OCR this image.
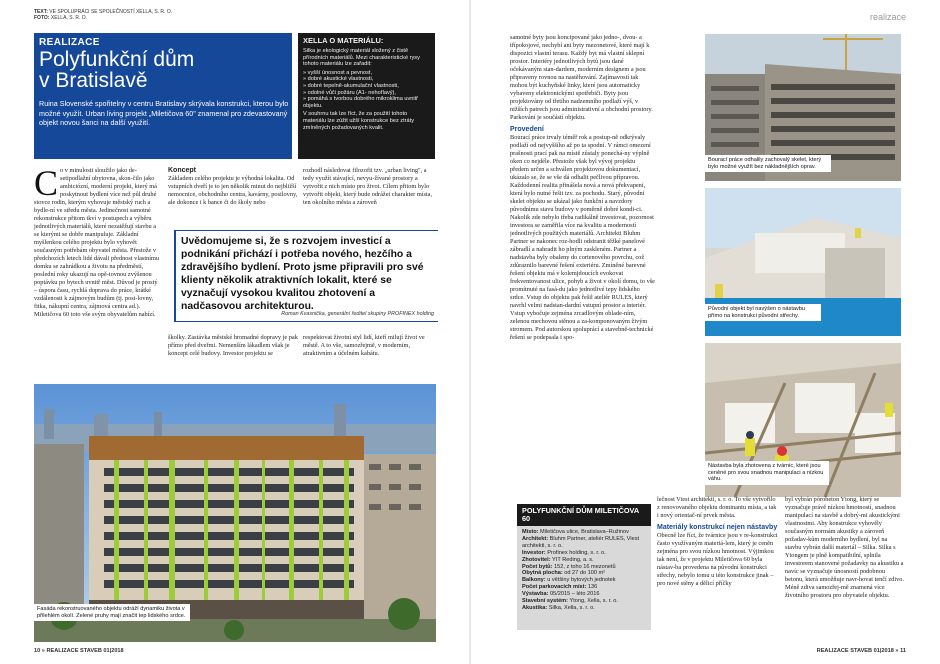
TEXT: VE SPOLUPRÁCI SE SPOLEČNOSTÍ XELLA, S. R. O.
FOTO: XELLA, S. R. O.
REALIZACE
Polyfunkční dům
v Bratislavě
Ruina Slovenské spořitelny v centru Bratislavy skrývala konstrukci, kterou bylo možné využít. Urban living projekt „Miletičova 60" znamenal pro zdevastovaný objekt novou šanci na další využití.
XELLA O MATERIÁLU:
Silka je ekologický materiál složený z čistě přírodních materiálů. Mezi charakteristické rysy tohoto materiálu lze zařadit:
» vyšší únosnost a pevnost,
» dobré akustické vlastnosti,
» dobré tepelně-akumulační vlastnosti,
» odolné vůči požáru (A1- nehořlavý),
» pomáhá s tvorbou dobrého mikroklima uvnitř objektu.
V souhrnu tak lze říct, že za použití tohoto materiálu lze zúžit užší konstrukce bez ztráty zmíněných požadovaných kvalit.
Co v minulosti sloužilo jako de-setipodlažní ubytovna, skon-čilo jako ambiciózní, moderní projekt, který má poskytnout bydlení více než půl druhé stovce rodin, kterým vyhovuje městský ruch a bydle-ní ve středu města. Jedinečnost samotné rekonstrukce přitom tkví v postupech a výběru jednotlivých materiálů, které nezatěžují stavbu a se kterými se dobře manipuluje. Základní myšlenkou celého projektu bylo vyhovět současným potřebám obyvatel města. Přestože v předchozích letech lidé dávali přednost vlastnímu domku se zahrádkou a životu na předměstí, poslední roky ukazují na opě-tovnou zvýšenou poptávku po bytech uvnitř měst. Důvod je prostý – úspora času, rychlá doprava do práce, krátké vzdálenosti k zájmovým budům (tj. posi-lovny, fitka, nákupní centra, zájmová centra ad.). Miletičova 60 toto vše svým obyvatelům nabízí.
Koncept
Základem celého projektu je výhodná lokalita. Od vstupních dveří je to jen několik minut do nejbližší nemocnice, obchodního centra, kavárny, posilovny, ale dokonce i k bance či do školy nebo
rozhodl následovat filozofii tzv. „urban living", a tedy využít stávající, nevyu-žívané prostory a vytvořit z nich místo pro život. Cílem přitom bylo vytvořit objekt, který bude odrážet charakter místa, ten okolního města a zároveň
Uvědomujeme si, že s rozvojem investicí a podnikání přichází i potřeba nového, hezčího a zdravějšího bydlení. Proto jsme připravili pro své klienty několik atraktivních lokalit, které se vyznačují vysokou kvalitou zhotovení a nadčasovou architekturou.
Roman Kvasnička, generální ředitel skupiny PROFINEX holding
školky. Zastávka městské hromadné dopravy je pak přímo před dveřmi. Nemenším lákadlem však je koncept celé budovy. Investor projektu se
respektovat životní styl lidí, kteří milují život ve městě. A to vše, samozřejmě, v moderním, atraktivním a účelném kabátu.
Fasáda rekonstruovaného objektu odráží dynamiku života v přilehlém okolí. Zelené pruhy mají značit tep lidského srdce.
10 » REALIZACE STAVEB 01|2018
realizace
samotné byty jsou koncipované jako jedno-, dvou- a třípokojové, nechybí ani byty mezonetové, které mají k dispozici vlastní terasu. Každý byt má vlastní sklepní prostor. Interiéry jednotlivých bytů jsou dané očekávaným stan-dardem, moderním designem a jsou připraveny rovnou na nastěhování. Zajímavostí tak mohou být kuchyňské linky, které jsou automaticky vybaveny elektronickými spotřebiči. Byty jsou projektovány od třetího nadzemního podlaží výš, v nižších patrech jsou administrativní a obchodní prostory. Parkování je součástí objektu.
Provedení
Bourací práce trvaly téměř rok a postup-ně odkrývaly podlaží od nejvyššího až po ta spodní. V rámci omezení prašnosti prací pak na místě zůstaly ponechá-ny výplně oken co nejdéle. Přestože však byl vývoj projektu předem určen a schválen projektovou dokumentací, ukázalo se, že se vše dá odhalit pečlivou přípravou. Každodenní realita přinášela nová a nová překvapení, která bylo nutné řešit tzv. za pochodu. Starý, původní skelet objektu se ukázal jako funkční a navzdory původnímu stavu budovy v poměrně dobré kondi-ci. Nakolik zde nebylo třeba radikálně investovat, pozornost investora se zaměřila více na kvalitu a moderností jednotlivých použitých materiálů. Architekti Bluhm Partner se nakonec roz-hodli odstranit těžké panelové zábradlí a nahradit ho plným zaskleném. Partner a nadstavba byly obaleny do cortenového povrchu, což zdůraznilo barevné řešení exteriéru. Zmíněné barevné řešení objektu má v kolemjdoucích evokovat frekventovanost ulice, pohyb a život v okolí domu, to vše promítnuté na fasá-du jako jednotlivé tepy lidského srdce. Vstup do objektu pak řešil ateliér RULES, který navrhl velmi nadstan-dardní vstupní prostor a interiér. Vstup vybočuje zejména zrcadlovým oblade-ním, zelenou mechovou stěnou a za-komponovaným živým stromem. Pod autorskou spoluprácí a stavebně-technické řešení se podepsala i spo-
Bourací práce odhalily zachovalý skelet, který bylo možné využít bez nákladnějších oprav.
Původní objekt byl navýšen o nástavbu přímo na konstrukci původní střechy.
Nástavba byla zhotovena z tvárnic, které jsou ceněné pro svou snadnou manipulaci a nízkou váhu.
POLYFUNKČNÍ DŮM MILETIČOVA 60
Místo: Miletičova ulice, Bratislava–Ružinov
Architekt: Bluhm Partner, ateliér RULES, Viest architekti, s. r. o.
Investor: Profinex holding, s. r. o.
Zhotovitel: YIT Reding, a. s.
Počet bytů: 152, z toho 16 mezonetů
Obytná plocha: od 27 do 100 m²
Balkony: u většiny bytových jednotek
Počet parkovacích míst: 136
Výstavba: 05/2015 – léto 2016
Stavební systém: Ytong, Xella, s. r. o.
Akustika: Silka, Xella, s. r. o.
lečnost Viest architekti, s. r. o. To vše vytvořilo z renovovaného objektu dominantu místa, a tak i nový orientač-ní prvek města.
Materiály konstrukcí nejen nástavby
Obecně lze říct, že tvárnice jsou v re-konstrukci často využívaným materiá-lem, který je ceněn zejména pro svou nízkou hmotnost. Výjimkou tak není, že v projektu Miletičova 60 byla nástav-ba provedena na původní konstrukci střechy, nebylo tomu u této konstrukce jinak – pro nové stěny a dělicí příčky
byl vybrán pórobeton Ytong, který se vyznačuje právě nízkou hmotností, snadnou manipulací na stavbě a dobrý-mi akustickými vlastnostmi. Aby konstrukce vyhověly současným normám akustiky a zároveň požadav-kům moderního bydlení, byl na stavbu vybrán další materiál – Silka. Silka s Ytongem je plně kompatibilní, splnila investorem stanovené požadavky na akustiku a navíc se vyznačuje únosností podobnou betonu, která umožňuje navr-hovat tenčí zdivo. Méně zdiva samozřej-mě znamená více životního prostoru pro obyvatele objektu.
REALIZACE STAVEB 01|2018 » 11
